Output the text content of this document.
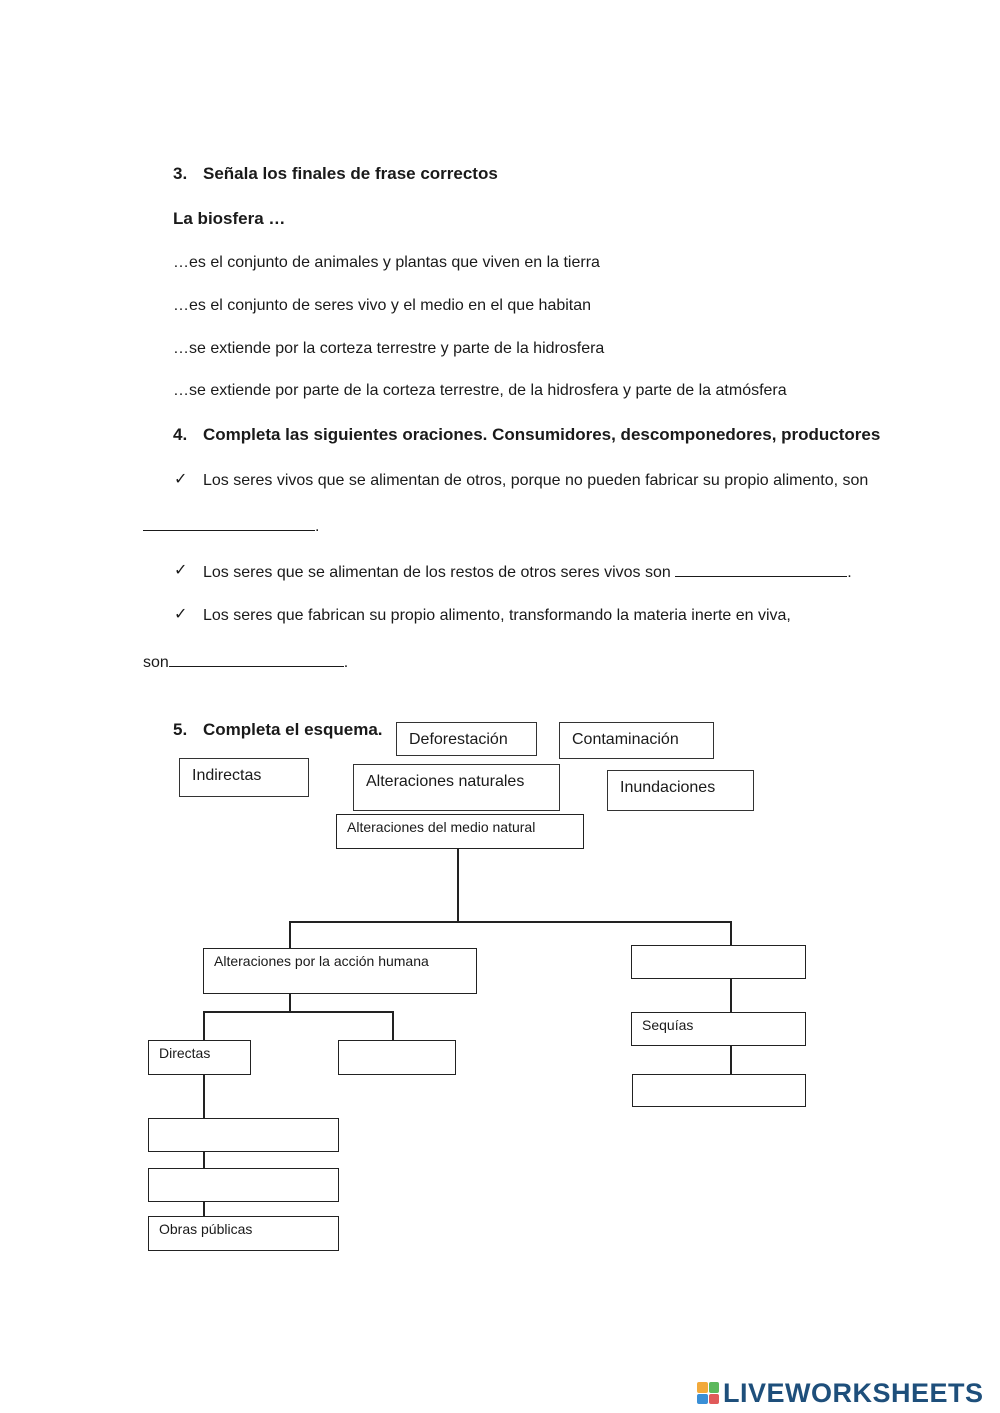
3. Señala los finales de frase correctos
La biosfera …
…es el conjunto de animales y plantas que viven en la tierra
…es el conjunto de seres vivo y el medio en el que habitan
…se extiende por la corteza terrestre y parte de la hidrosfera
…se extiende por parte de la corteza terrestre, de la hidrosfera y parte de la atmósfera
4. Completa las siguientes oraciones. Consumidores, descomponedores, productores
✓ Los seres vivos que se alimentan de otros, porque no pueden fabricar su propio alimento, son
.
✓ Los seres que se alimentan de los restos de otros seres vivos son	.
✓ Los seres que fabrican su propio alimento, transformando la materia inerte en viva,
son	.
5. Completa el esquema.
Deforestación	Contaminación
Indirectas	Alteraciones naturales	Inundaciones
Alteraciones del medio natural
Alteraciones por la acción humana
Directas
Obras públicas
Sequías
LIVEWORKSHEETS
